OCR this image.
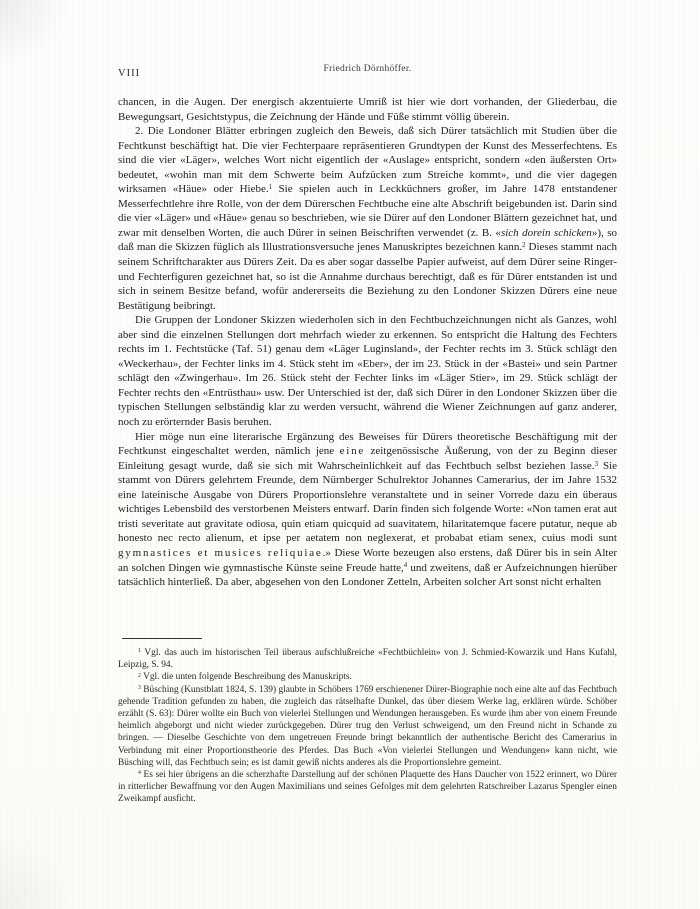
VIII	Friedrich Dörnhöffer.

chancen, in die Augen. Der energisch akzentuierte Umriß ist hier wie dort vorhanden, der Gliederbau, die Bewegungsart, Gesichtstypus, die Zeichnung der Hände und Füße stimmt völlig überein.

2. Die Londoner Blätter erbringen zugleich den Beweis, daß sich Dürer tatsächlich mit Studien über die Fechtkunst beschäftigt hat. Die vier Fechterpaare repräsentieren Grundtypen der Kunst des Messerfechtens. Es sind die vier «Läger», welches Wort nicht eigentlich der «Auslage» entspricht, sondern «den äußersten Ort» bedeutet, «wohin man mit dem Schwerte beim Aufzücken zum Streiche kommt», und die vier dagegen wirksamen «Häue» oder Hiebe.$^1$ Sie spielen auch in Leckküchners großer, im Jahre 1478 entstandener Messerfechtlehre ihre Rolle, von der dem Dürerschen Fechtbuche eine alte Abschrift beigebunden ist. Darin sind die vier «Läger» und «Häue» genau so beschrieben, wie sie Dürer auf den Londoner Blättern gezeichnet hat, und zwar mit denselben Worten, die auch Dürer in seinen Beischriften verwendet (z. B. «sich dorein schicken»), so daß man die Skizzen füglich als Illustrationsversuche jenes Manuskriptes bezeichnen kann.$^2$ Dieses stammt nach seinem Schriftcharakter aus Dürers Zeit. Da es aber sogar dasselbe Papier aufweist, auf dem Dürer seine Ringer- und Fechterfiguren gezeichnet hat, so ist die Annahme durchaus berechtigt, daß es für Dürer entstanden ist und sich in seinem Besitze befand, wofür andererseits die Beziehung zu den Londoner Skizzen Dürers eine neue Bestätigung beibringt.

Die Gruppen der Londoner Skizzen wiederholen sich in den Fechtbuchzeichnungen nicht als Ganzes, wohl aber sind die einzelnen Stellungen dort mehrfach wieder zu erkennen. So entspricht die Haltung des Fechters rechts im 1. Fechtstücke (Taf. 51) genau dem «Läger Luginsland», der Fechter rechts im 3. Stück schlägt den «Weckerhau», der Fechter links im 4. Stück steht im «Eber», der im 23. Stück in der «Bastei» und sein Partner schlägt den «Zwingerhau». Im 26. Stück steht der Fechter links im «Läger Stier», im 29. Stück schlägt der Fechter rechts den «Entrüsthau» usw. Der Unterschied ist der, daß sich Dürer in den Londoner Skizzen über die typischen Stellungen selbständig klar zu werden versucht, während die Wiener Zeichnungen auf ganz anderer, noch zu erörternder Basis beruhen.

Hier möge nun eine literarische Ergänzung des Beweises für Dürers theoretische Beschäftigung mit der Fechtkunst eingeschaltet werden, nämlich jene eine zeitgenössische Äußerung, von der zu Beginn dieser Einleitung gesagt wurde, daß sie sich mit Wahrscheinlichkeit auf das Fechtbuch selbst beziehen lasse.$^3$ Sie stammt von Dürers gelehrtem Freunde, dem Nürnberger Schulrektor Johannes Camerarius, der im Jahre 1532 eine lateinische Ausgabe von Dürers Proportionslehre veranstaltete und in seiner Vorrede dazu ein überaus wichtiges Lebensbild des verstorbenen Meisters entwarf. Darin finden sich folgende Worte: «Non tamen erat aut tristi severitate aut gravitate odiosa, quin etiam quicquid ad suavitatem, hilaritatemque facere putatur, neque ab honesto nec recto alienum, et ipse per aetatem non neglexerat, et probabat etiam senex, cuius modi sunt gymnastices et musices reliquiae.» Diese Worte bezeugen also erstens, daß Dürer bis in sein Alter an solchen Dingen wie gymnastische Künste seine Freude hatte,$^4$ und zweitens, daß er Aufzeichnungen hierüber tatsächlich hinterließ. Da aber, abgesehen von den Londoner Zetteln, Arbeiten solcher Art sonst nicht erhalten

$^1$ Vgl. das auch im historischen Teil überaus aufschlußreiche «Fechtbüchlein» von J. Schmied-Kowarzik und Hans Kufahl, Leipzig, S. 94.

$^2$ Vgl. die unten folgende Beschreibung des Manuskripts.

$^3$ Büsching (Kunstblatt 1824, S. 139) glaubte in Schöbers 1769 erschienener Dürer-Biographie noch eine alte auf das Fechtbuch gehende Tradition gefunden zu haben, die zugleich das rätselhafte Dunkel, das über diesem Werke lag, erklären würde. Schöber erzählt (S. 63): Dürer wollte ein Buch von vielerlei Stellungen und Wendungen herausgeben. Es wurde ihm aber von einem Freunde heimlich abgeborgt und nicht wieder zurückgegeben. Dürer trug den Verlust schweigend, um den Freund nicht in Schande zu bringen. — Dieselbe Geschichte von dem ungetreuen Freunde bringt bekanntlich der authentische Bericht des Camerarius in Verbindung mit einer Proportionstheorie des Pferdes. Das Buch «Von vielerlei Stellungen und Wendungen» kann nicht, wie Büsching will, das Fechtbuch sein; es ist damit gewiß nichts anderes als die Proportionslehre gemeint.

$^4$ Es sei hier übrigens an die scherzhafte Darstellung auf der schönen Plaquette des Hans Daucher von 1522 erinnert, wo Dürer in ritterlicher Bewaffnung vor den Augen Maximilians und seines Gefolges mit dem gelehrten Ratschreiber Lazarus Spengler einen Zweikampf ausficht.
